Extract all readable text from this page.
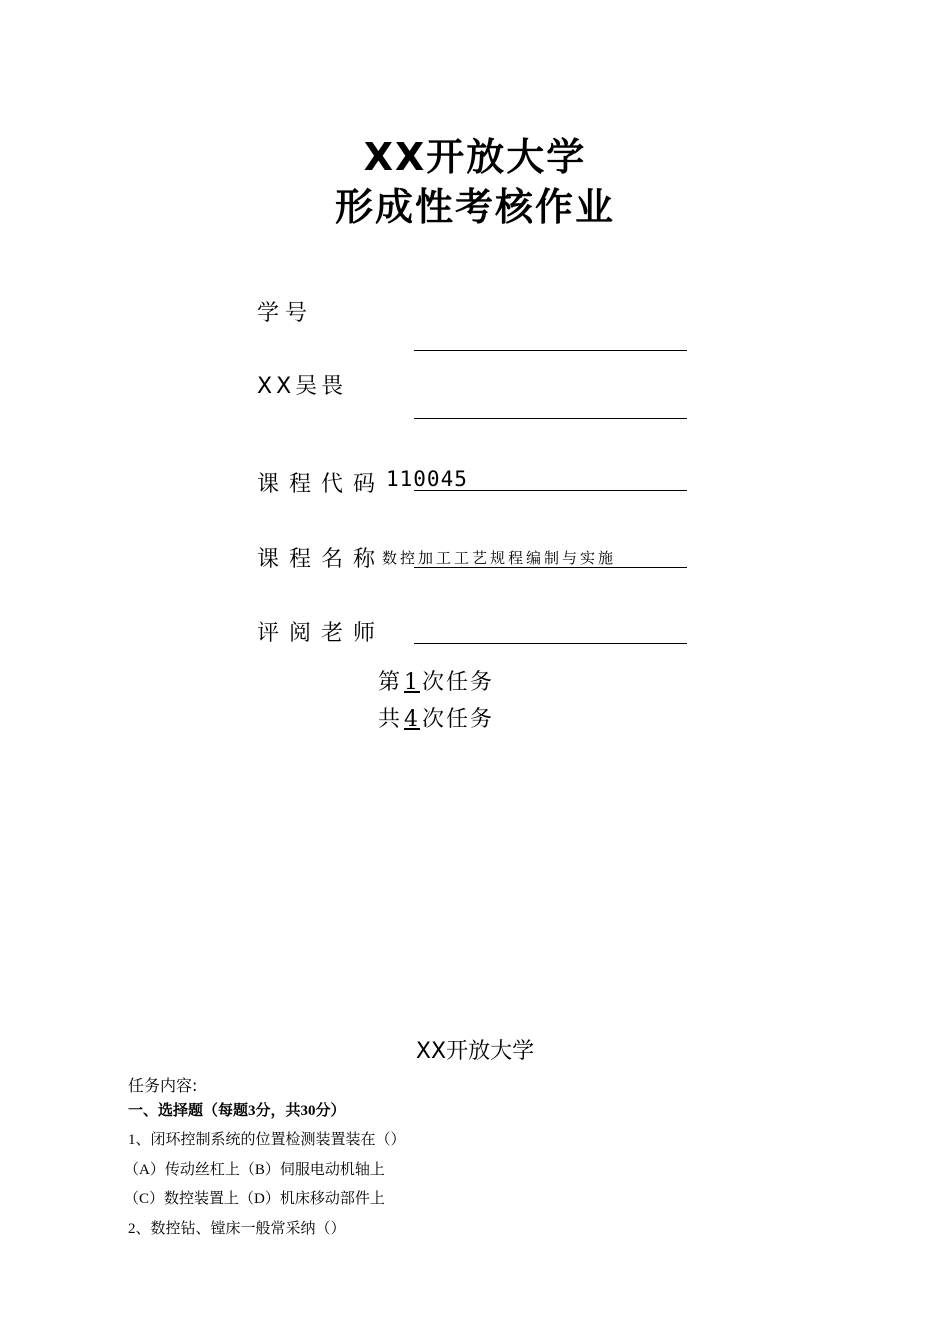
XX开放大学
形成性考核作业
学号
XX吴畏
课程代码 110045
课程名称
数控加工工艺规程编制与实施
评阅老师
第1次任务
共4次任务
XX开放大学
任务内容:
一、选择题（每题3分，共30分）
1、闭环控制系统的位置检测装置装在（）
（A）传动丝杠上（B）伺服电动机轴上
（C）数控装置上（D）机床移动部件上
2、数控钻、镗床一般常采纳（）
